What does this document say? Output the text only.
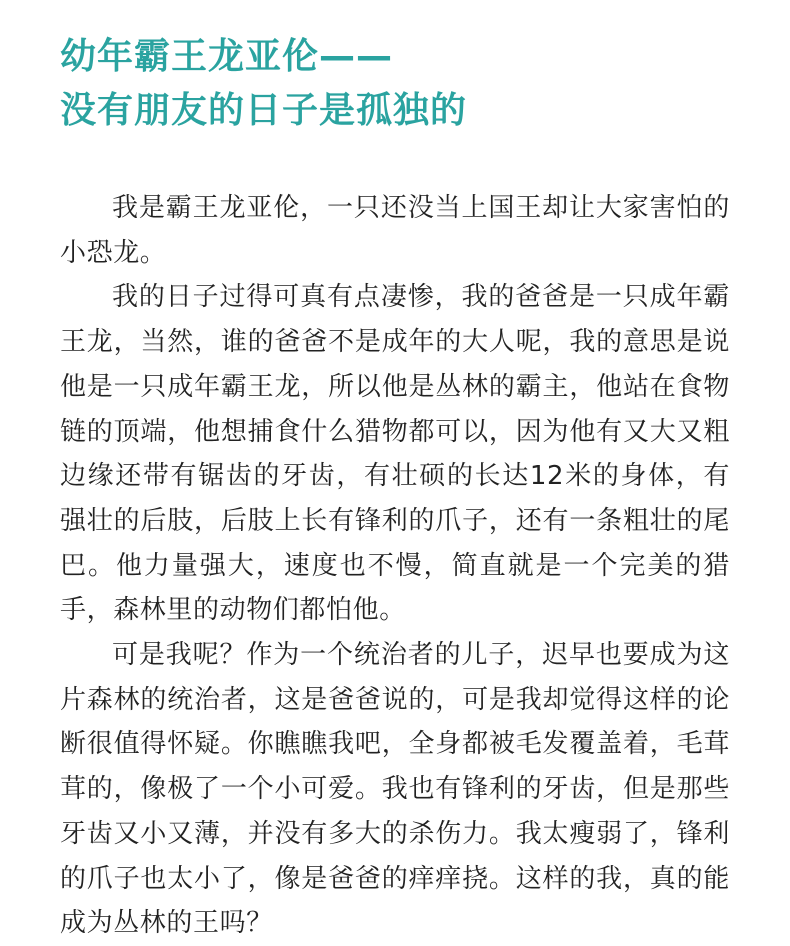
幼年霸王龙亚伦——
没有朋友的日子是孤独的

我是霸王龙亚伦，一只还没当上国王却让大家害怕的小恐龙。

我的日子过得可真有点凄惨，我的爸爸是一只成年霸王龙，当然，谁的爸爸不是成年的大人呢，我的意思是说他是一只成年霸王龙，所以他是丛林的霸主，他站在食物链的顶端，他想捕食什么猎物都可以，因为他有又大又粗边缘还带有锯齿的牙齿，有壮硕的长达12米的身体，有强壮的后肢，后肢上长有锋利的爪子，还有一条粗壮的尾巴。他力量强大，速度也不慢，简直就是一个完美的猎手，森林里的动物们都怕他。

可是我呢？作为一个统治者的儿子，迟早也要成为这片森林的统治者，这是爸爸说的，可是我却觉得这样的论断很值得怀疑。你瞧瞧我吧，全身都被毛发覆盖着，毛茸茸的，像极了一个小可爱。我也有锋利的牙齿，但是那些牙齿又小又薄，并没有多大的杀伤力。我太瘦弱了，锋利的爪子也太小了，像是爸爸的痒痒挠。这样的我，真的能成为丛林的王吗？
